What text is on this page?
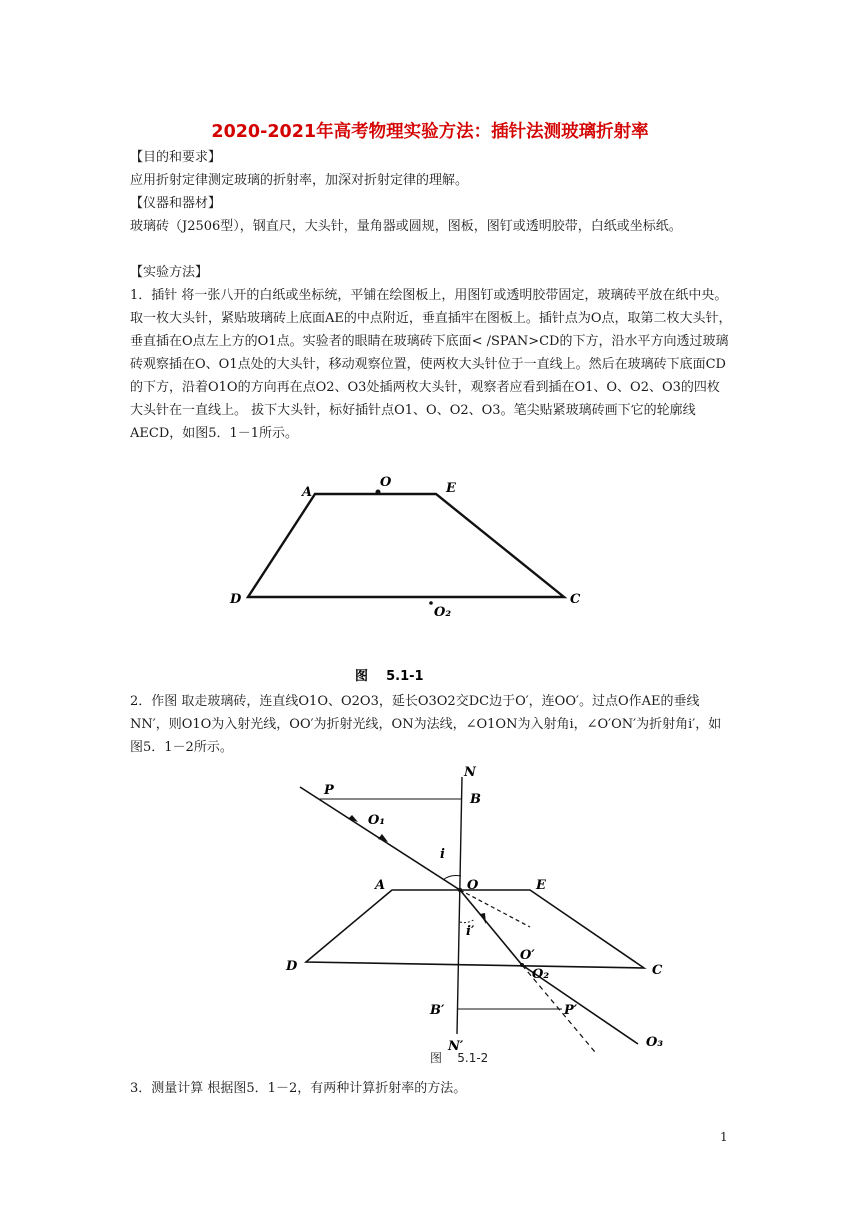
2020-2021年高考物理实验方法：插针法测玻璃折射率

【目的和要求】

应用折射定律测定玻璃的折射率，加深对折射定律的理解。

【仪器和器材】

玻璃砖（J2506型），钢直尺，大头针，量角器或圆规，图板，图钉或透明胶带，白纸或坐标纸。

【实验方法】

1．插针 将一张八开的白纸或坐标统，平铺在绘图板上，用图钉或透明胶带固定，玻璃砖平放在纸中央。取一枚大头针，紧贴玻璃砖上底面AE的中点附近，垂直插牢在图板上。插针点为O点，取第二枚大头针，垂直插在O点左上方的O1点。实验者的眼睛在玻璃砖下底面< /SPAN>CD的下方，沿水平方向透过玻璃砖观察插在O、O1点处的大头针，移动观察位置，使两枚大头针位于一直线上。然后在玻璃砖下底面CD的下方，沿着O1O的方向再在点O2、O3处插两枚大头针，观察者应看到插在O1、O、O2、O3的四枚大头针在一直线上。 拔下大头针，标好插针点O1、O、O2、O3。笔尖贴紧玻璃砖画下它的轮廓线AECD，如图5．1－1所示。

A
O	E
D	C
O₂
图    5.1-1

2．作图 取走玻璃砖，连直线O1O、O2O3，延长O3O2交DC边于O′，连OO′。过点O作AE的垂线NN′，则O1O为入射光线，OO′为折射光线，ON为法线，∠O1ON为入射角i，∠O′ON′为折射角i′，如图5．1－2所示。

N
P
B
O₁
i
A	O	E
i′
D
O′
O₂	C
B′	P′
N′	O₃
图    5.1-2

3．测量计算 根据图5．1－2，有两种计算折射率的方法。

1
